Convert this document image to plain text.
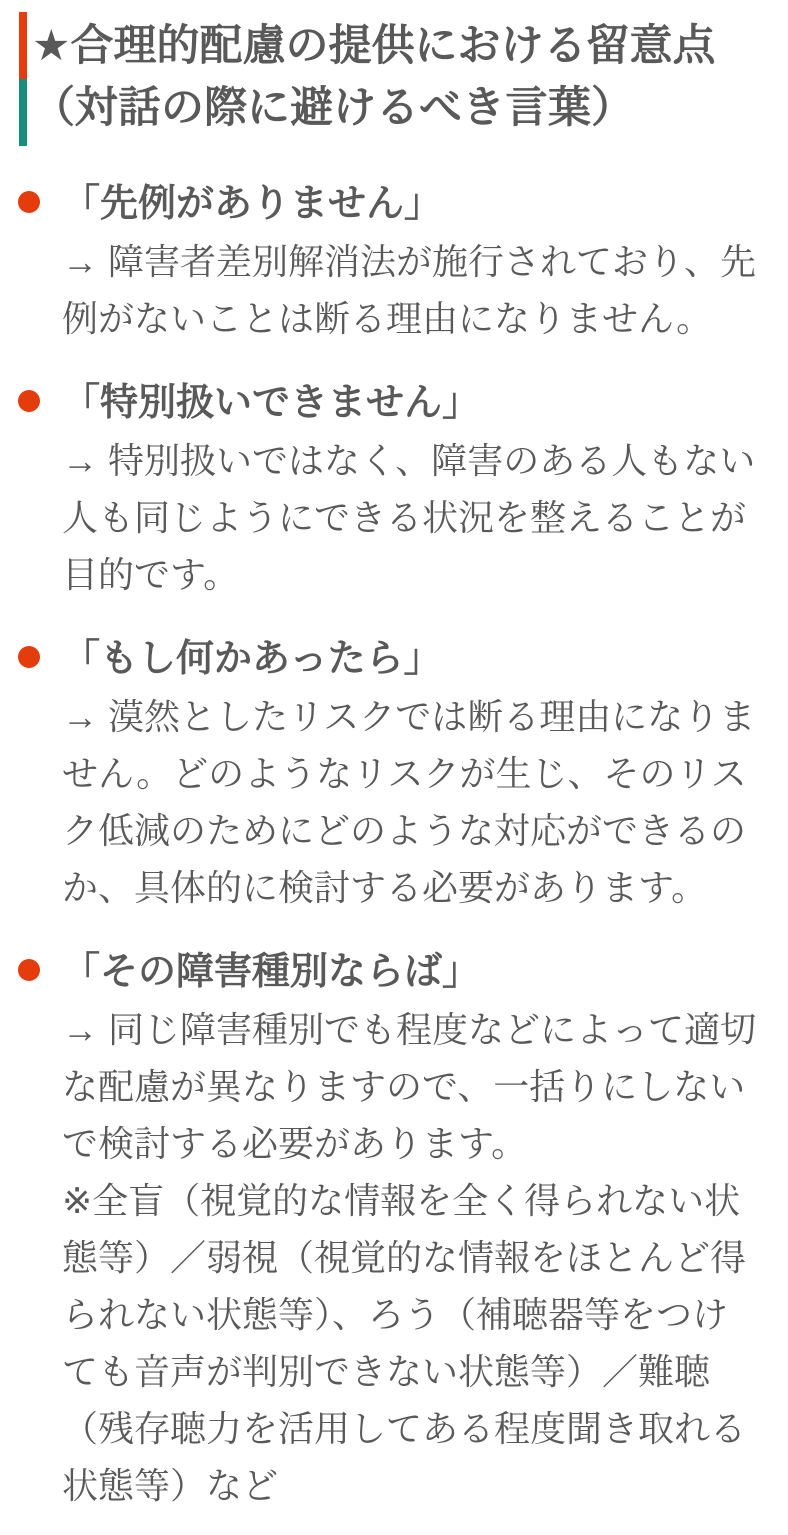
★合理的配慮の提供における留意点
（対話の際に避けるべき言葉）
「先例がありません」
→ 障害者差別解消法が施行されており、先例がないことは断る理由になりません。
「特別扱いできません」
→ 特別扱いではなく、障害のある人もない人も同じようにできる状況を整えることが目的です。
「もし何かあったら」
→ 漠然としたリスクでは断る理由になりません。どのようなリスクが生じ、そのリスク低減のためにどのような対応ができるのか、具体的に検討する必要があります。
「その障害種別ならば」
→ 同じ障害種別でも程度などによって適切な配慮が異なりますので、一括りにしないで検討する必要があります。
※全盲（視覚的な情報を全く得られない状態等）／弱視（視覚的な情報をほとんど得られない状態等）、ろう（補聴器等をつけても音声が判別できない状態等）／難聴（残存聴力を活用してある程度聞き取れる状態等）など
